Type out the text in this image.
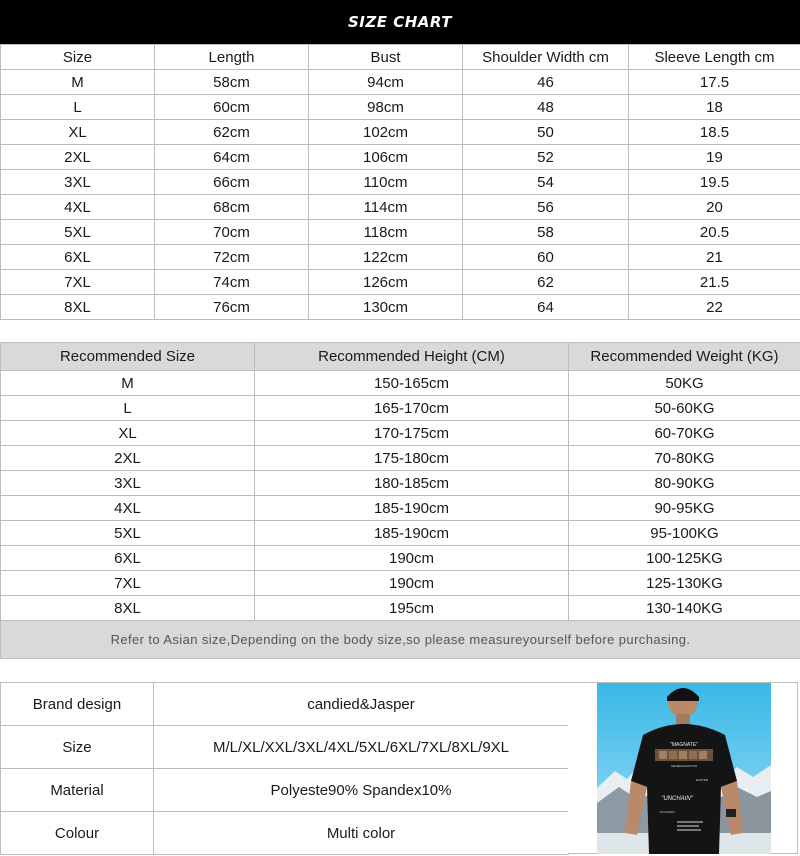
SIZE CHART
Size	Length	Bust	Shoulder Width cm	Sleeve Length cm
M	58cm	94cm	46	17.5
L	60cm	98cm	48	18
XL	62cm	102cm	50	18.5
2XL	64cm	106cm	52	19
3XL	66cm	110cm	54	19.5
4XL	68cm	114cm	56	20
5XL	70cm	118cm	58	20.5
6XL	72cm	122cm	60	21
7XL	74cm	126cm	62	21.5
8XL	76cm	130cm	64	22
Recommended Size	Recommended Height (CM)	Recommended Weight (KG)
M	150-165cm	50KG
L	165-170cm	50-60KG
XL	170-175cm	60-70KG
2XL	175-180cm	70-80KG
3XL	180-185cm	80-90KG
4XL	185-190cm	90-95KG
5XL	185-190cm	95-100KG
6XL	190cm	100-125KG
7XL	190cm	125-130KG
8XL	195cm	130-140KG
Refer to Asian size,Depending on the body size,so please measureyourself before purchasing.		
Brand design	candied&Jasper
Size	M/L/XL/XXL/3XL/4XL/5XL/6XL/7XL/8XL/9XL
Material	Polyeste90% Spandex10%
Colour	Multi color
"MAGNATE"
GENERALIZATION
EASTER
"UNCHAIN"
"SUCCESS"
